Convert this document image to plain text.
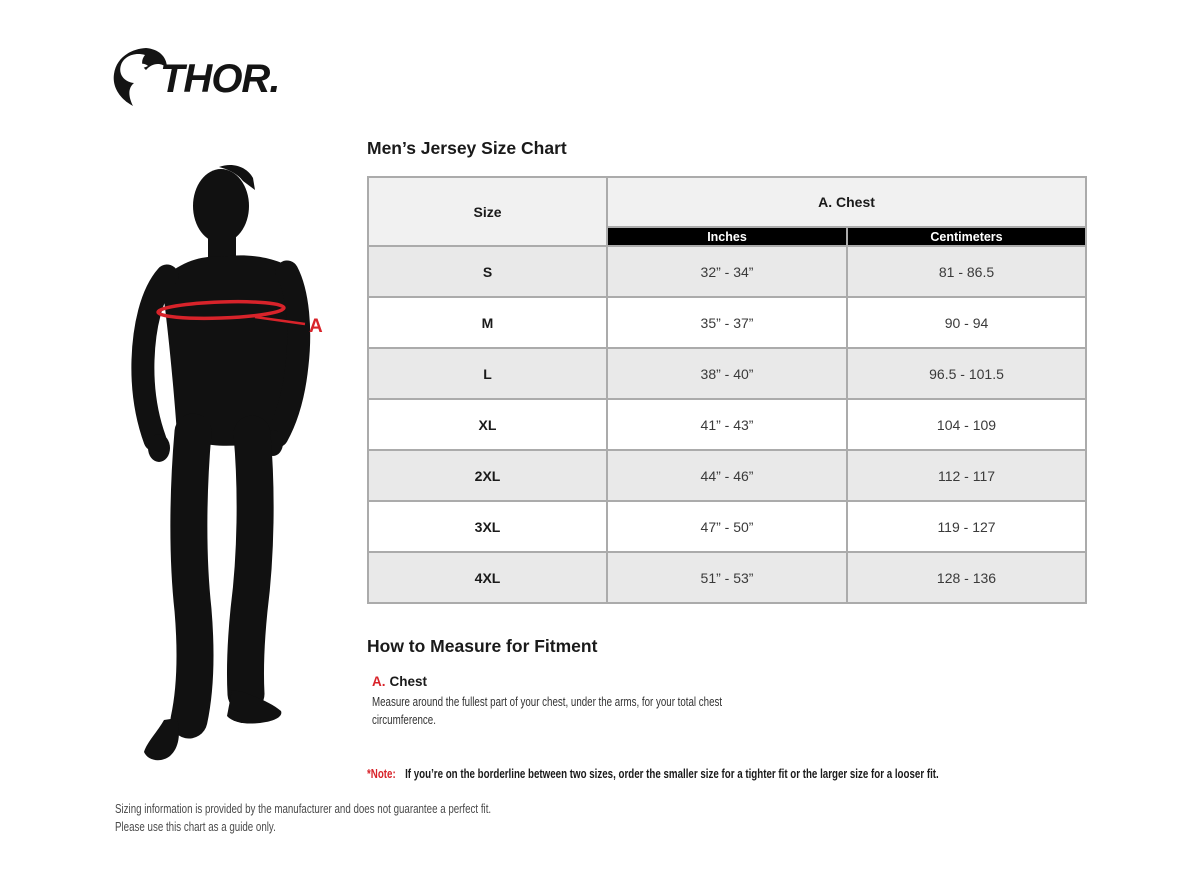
THOR.
A
Men’s Jersey Size Chart
Size	A. Chest	
	Inches	Centimeters
S	32” - 34”	81 - 86.5
M	35” - 37”	90 - 94
L	38” - 40”	96.5 - 101.5
XL	41” - 43”	104 - 109
2XL	44” - 46”	112 - 117
3XL	47” - 50”	119 - 127
4XL	51” - 53”	128 - 136
How to Measure for Fitment
A. Chest
Measure around the fullest part of your chest, under the arms, for your total chest circumference.
*Note: If you’re on the borderline between two sizes, order the smaller size for a tighter fit or the larger size for a looser fit.
Sizing information is provided by the manufacturer and does not guarantee a perfect fit.
Please use this chart as a guide only.
